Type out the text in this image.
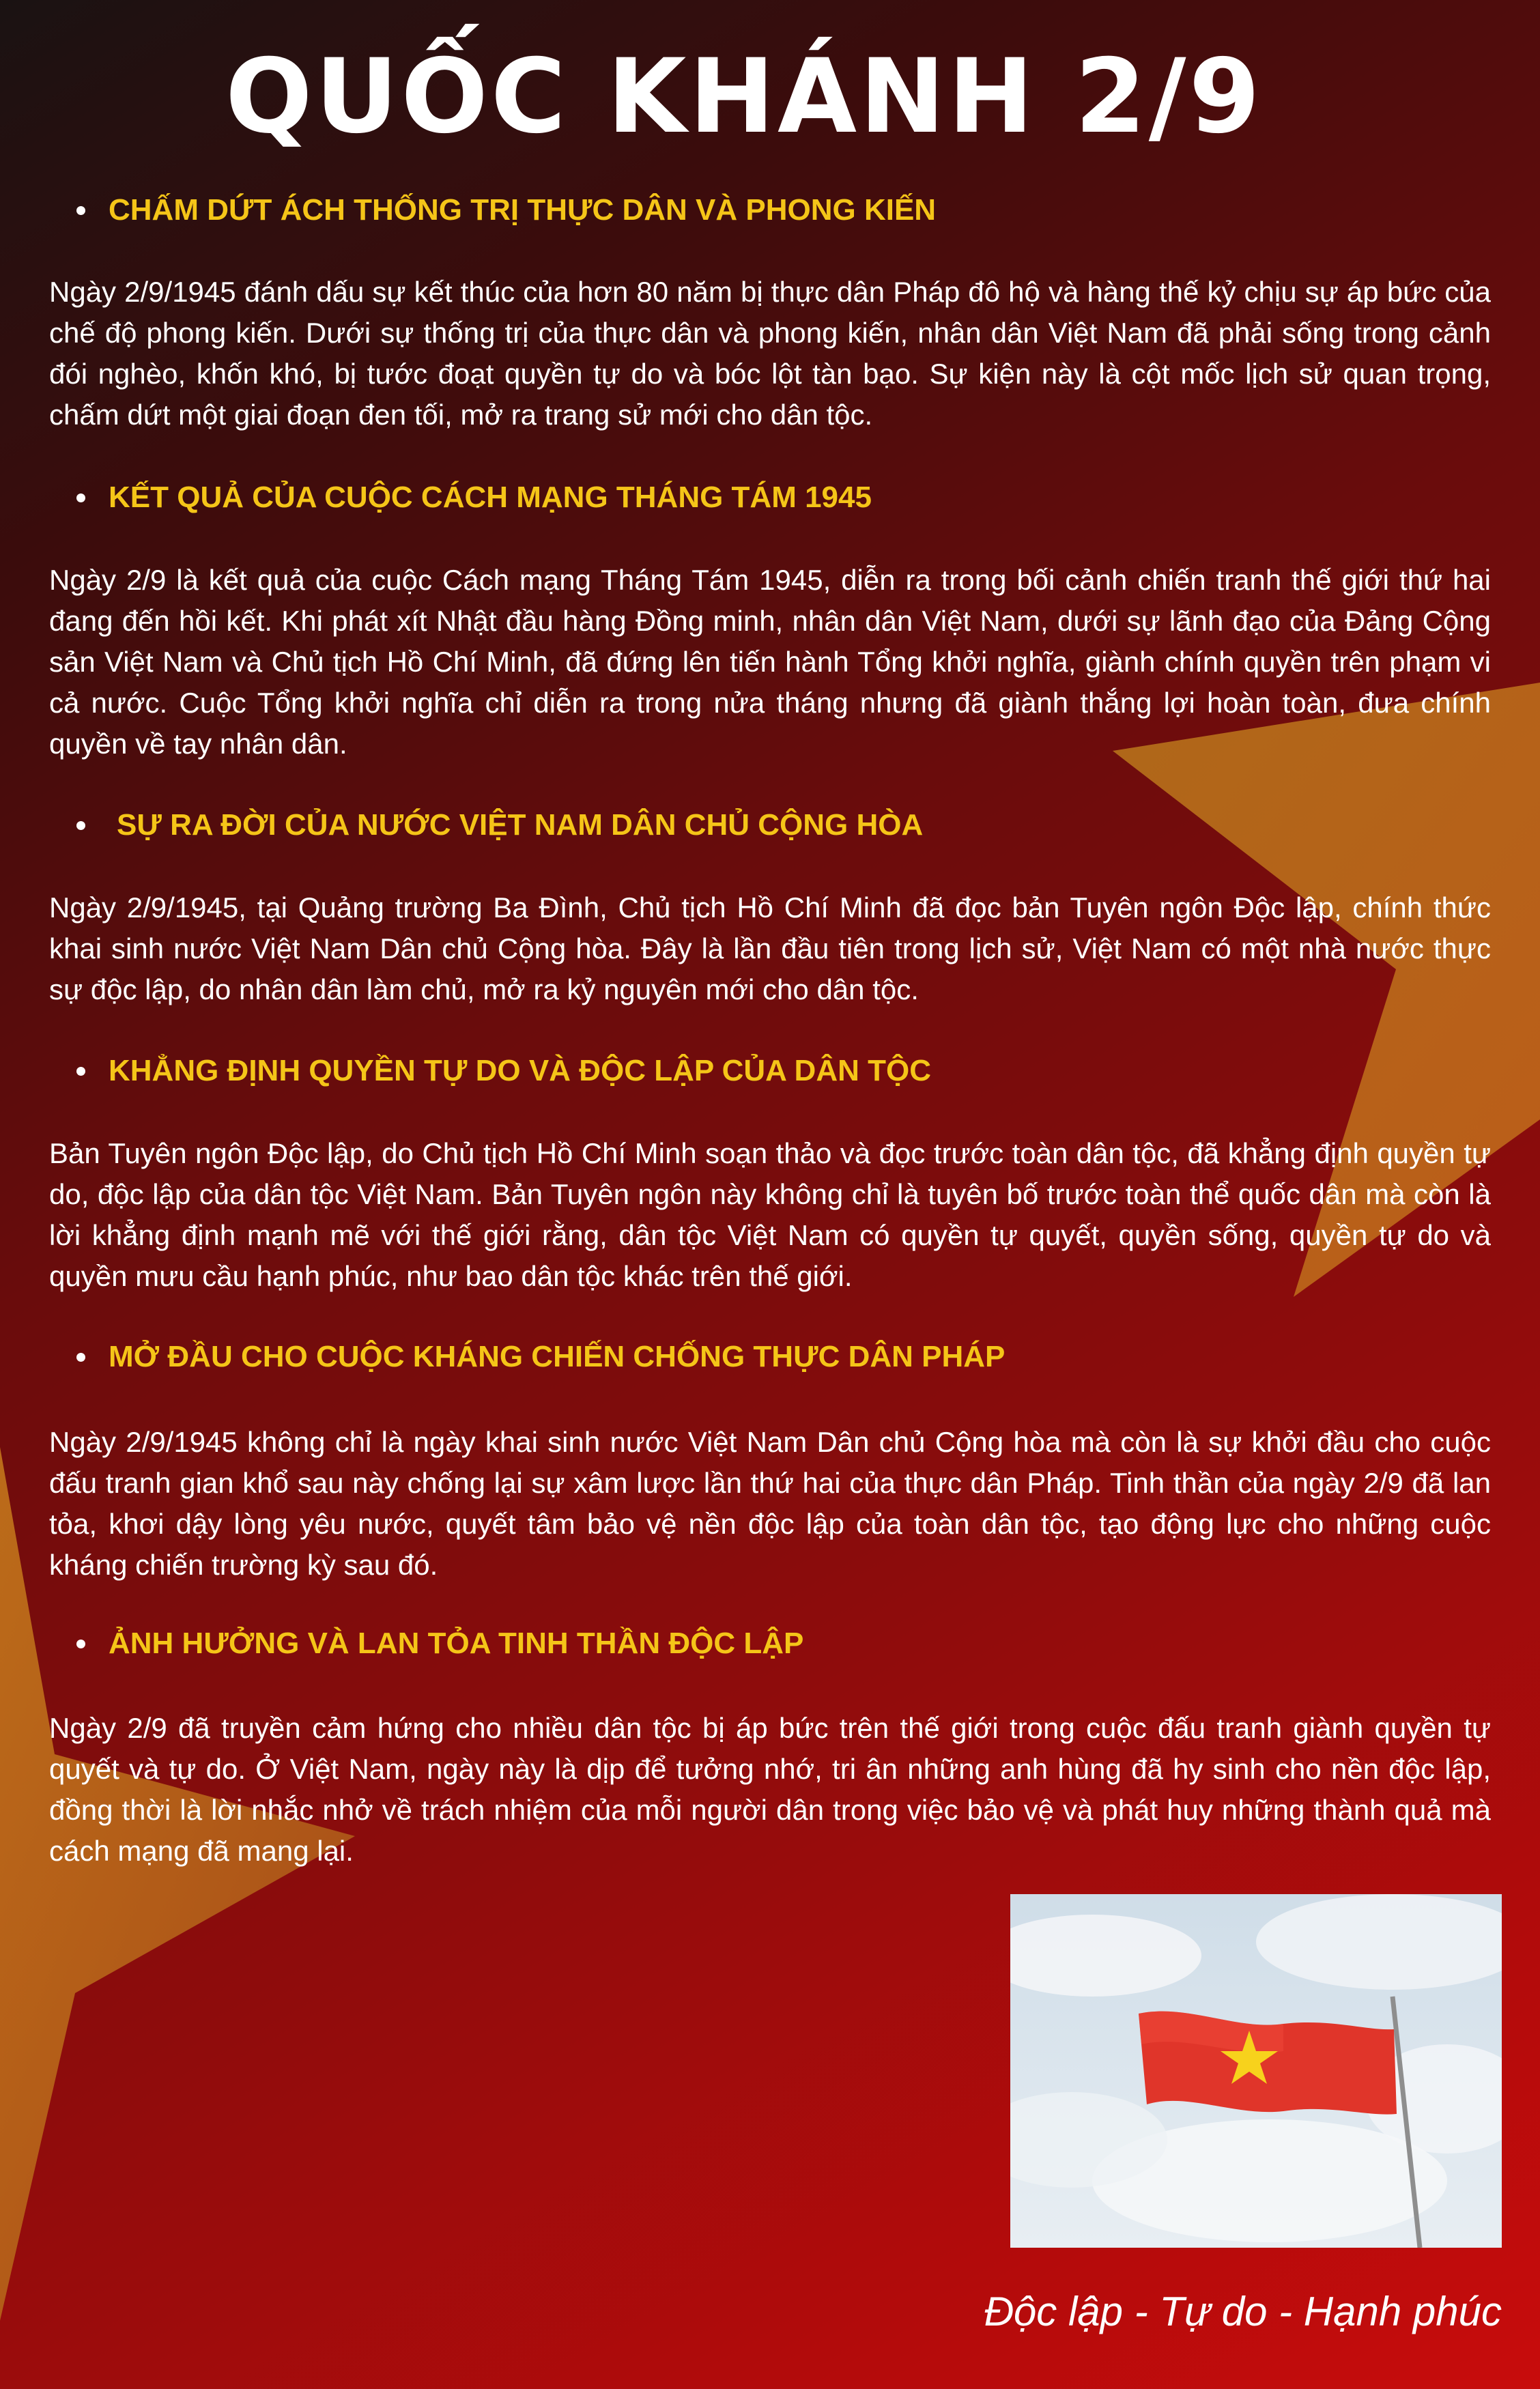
QUỐC KHÁNH 2/9
CHẤM DỨT ÁCH THỐNG TRỊ THỰC DÂN VÀ PHONG KIẾN

Ngày 2/9/1945 đánh dấu sự kết thúc của hơn 80 năm bị thực dân Pháp đô hộ và hàng thế kỷ chịu sự áp bức của chế độ phong kiến. Dưới sự thống trị của thực dân và phong kiến, nhân dân Việt Nam đã phải sống trong cảnh đói nghèo, khốn khó, bị tước đoạt quyền tự do và bóc lột tàn bạo. Sự kiện này là cột mốc lịch sử quan trọng, chấm dứt một giai đoạn đen tối, mở ra trang sử mới cho dân tộc.

KẾT QUẢ CỦA CUỘC CÁCH MẠNG THÁNG TÁM 1945

Ngày 2/9 là kết quả của cuộc Cách mạng Tháng Tám 1945, diễn ra trong bối cảnh chiến tranh thế giới thứ hai đang đến hồi kết. Khi phát xít Nhật đầu hàng Đồng minh, nhân dân Việt Nam, dưới sự lãnh đạo của Đảng Cộng sản Việt Nam và Chủ tịch Hồ Chí Minh, đã đứng lên tiến hành Tổng khởi nghĩa, giành chính quyền trên phạm vi cả nước. Cuộc Tổng khởi nghĩa chỉ diễn ra trong nửa tháng nhưng đã giành thắng lợi hoàn toàn, đưa chính quyền về tay nhân dân.

SỰ RA ĐỜI CỦA NƯỚC VIỆT NAM DÂN CHỦ CỘNG HÒA

Ngày 2/9/1945, tại Quảng trường Ba Đình, Chủ tịch Hồ Chí Minh đã đọc bản Tuyên ngôn Độc lập, chính thức khai sinh nước Việt Nam Dân chủ Cộng hòa. Đây là lần đầu tiên trong lịch sử, Việt Nam có một nhà nước thực sự độc lập, do nhân dân làm chủ, mở ra kỷ nguyên mới cho dân tộc.

KHẲNG ĐỊNH QUYỀN TỰ DO VÀ ĐỘC LẬP CỦA DÂN TỘC

Bản Tuyên ngôn Độc lập, do Chủ tịch Hồ Chí Minh soạn thảo và đọc trước toàn dân tộc, đã khẳng định quyền tự do, độc lập của dân tộc Việt Nam. Bản Tuyên ngôn này không chỉ là tuyên bố trước toàn thể quốc dân mà còn là lời khẳng định mạnh mẽ với thế giới rằng, dân tộc Việt Nam có quyền tự quyết, quyền sống, quyền tự do và quyền mưu cầu hạnh phúc, như bao dân tộc khác trên thế giới.

MỞ ĐẦU CHO CUỘC KHÁNG CHIẾN CHỐNG THỰC DÂN PHÁP

Ngày 2/9/1945 không chỉ là ngày khai sinh nước Việt Nam Dân chủ Cộng hòa mà còn là sự khởi đầu cho cuộc đấu tranh gian khổ sau này chống lại sự xâm lược lần thứ hai của thực dân Pháp. Tinh thần của ngày 2/9 đã lan tỏa, khơi dậy lòng yêu nước, quyết tâm bảo vệ nền độc lập của toàn dân tộc, tạo động lực cho những cuộc kháng chiến trường kỳ sau đó.

ẢNH HƯỞNG VÀ LAN TỎA TINH THẦN ĐỘC LẬP

Ngày 2/9 đã truyền cảm hứng cho nhiều dân tộc bị áp bức trên thế giới trong cuộc đấu tranh giành quyền tự quyết và tự do. Ở Việt Nam, ngày này là dịp để tưởng nhớ, tri ân những anh hùng đã hy sinh cho nền độc lập, đồng thời là lời nhắc nhở về trách nhiệm của mỗi người dân trong việc bảo vệ và phát huy những thành quả mà cách mạng đã mang lại.

Độc lập - Tự do - Hạnh phúc
